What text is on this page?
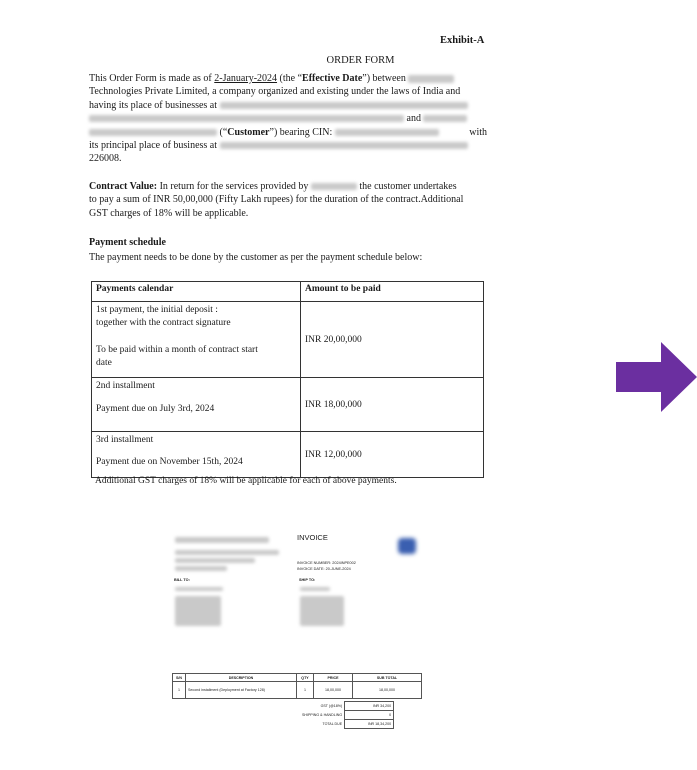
Exhibit-A
ORDER FORM
This Order Form is made as of 2-January-2024 (the “Effective Date”) between
Technologies Private Limited, a company organized and existing under the laws of India and
having its place of businesses at
and
(“Customer”) bearing CIN:	with

its principal place of business at
226008.
Contract Value: In return for the services provided by	the customer undertakes
to pay a sum of INR 50,00,000 (Fifty Lakh rupees) for the duration of the contract.Additional
GST charges of 18% will be applicable.
Payment schedule
The payment needs to be done by the customer as per the payment schedule below:
Payments calendar	Amount to be paid

1st payment, the initial deposit :
together with the contract signature
To be paid within a month of contract start
date	INR 20,00,000

2nd installment
Payment due on July 3rd, 2024	INR 18,00,000

3rd installment
Payment due on November 15th, 2024	INR 12,00,000
Additional GST charges of 18% will be applicable for each of above payments.
INVOICE
INVOICE NUMBER: 2024INPE002
INVOICE DATE: 20-JUNE-2024
BILL TO:	SHIP TO:
S/N	DESCRIPTION	QTY	PRICE	SUB TOTAL
1	Second installment (Deployment at Factory 128)	1	18,00,000	18,00,000
GST (@18%)	INR 34,200
SHIPPING & HANDLING	0
TOTAL DUE	INR 18,34,200
